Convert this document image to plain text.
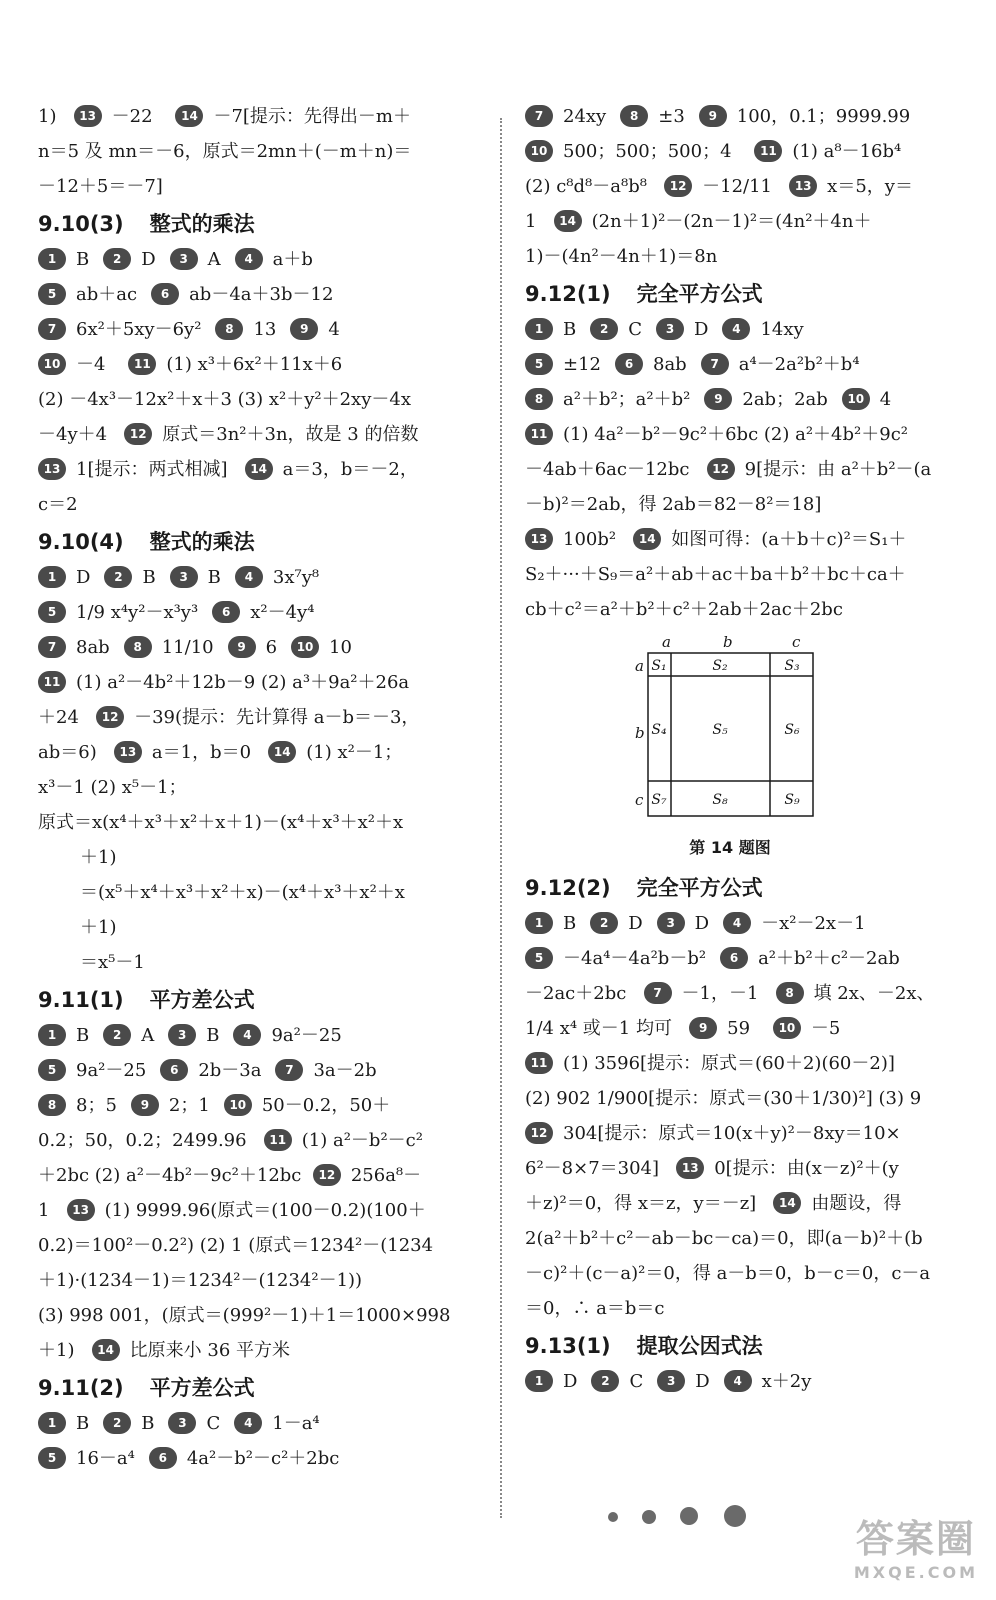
1) 13 －22 14 －7[提示：先得出－m＋
n＝5 及 mn＝－6，原式＝2mn＋(－m＋n)＝
－12＋5＝－7]
9.10(3) 整式的乘法
1 B 2 D 3 A 4 a＋b
5 ab＋ac 6 ab－4a＋3b－12
7 6x²＋5xy－6y² 8 13 9 4
10 －4 11 (1) x³＋6x²＋11x＋6
(2) －4x³－12x²＋x＋3 (3) x²＋y²＋2xy－4x
－4y＋4 12 原式＝3n²＋3n，故是 3 的倍数
13 1[提示：两式相减] 14 a＝3，b＝－2，
c＝2
9.10(4) 整式的乘法
1 D 2 B 3 B 4 3x⁷y⁸
5 1/9 x⁴y²－x³y³ 6 x²－4y⁴
7 8ab 8 11/10 9 6 10 10
11 (1) a²－4b²＋12b－9 (2) a³＋9a²＋26a
＋24 12 －39(提示：先计算得 a－b＝－3，
ab＝6) 13 a＝1，b＝0 14 (1) x²－1；
x³－1 (2) x⁵－1；
原式＝x(x⁴＋x³＋x²＋x＋1)－(x⁴＋x³＋x²＋x
＋1)
＝(x⁵＋x⁴＋x³＋x²＋x)－(x⁴＋x³＋x²＋x
＋1)
＝x⁵－1
9.11(1) 平方差公式
1 B 2 A 3 B 4 9a²－25
5 9a²－25 6 2b－3a 7 3a－2b
8 8；5 9 2；1 10 50－0.2，50＋
0.2；50，0.2；2499.96 11 (1) a²－b²－c²
＋2bc (2) a²－4b²－9c²＋12bc 12 256a⁸－
1 13 (1) 9999.96(原式＝(100－0.2)(100＋
0.2)＝100²－0.2²) (2) 1 (原式＝1234²－(1234
＋1)·(1234－1)＝1234²－(1234²－1))
(3) 998 001，(原式＝(999²－1)＋1＝1000×998
＋1) 14 比原来小 36 平方米
9.11(2) 平方差公式
1 B 2 B 3 C 4 1－a⁴
5 16－a⁴ 6 4a²－b²－c²＋2bc
7 24xy 8 ±3 9 100，0.1；9999.99
10 500；500；500；4 11 (1) a⁸－16b⁴
(2) c⁸d⁸－a⁸b⁸ 12 －12/11 13 x＝5，y＝
1 14 (2n＋1)²－(2n－1)²＝(4n²＋4n＋
1)－(4n²－4n＋1)＝8n
9.12(1) 完全平方公式
1 B 2 C 3 D 4 14xy
5 ±12 6 8ab 7 a⁴－2a²b²＋b⁴
8 a²＋b²；a²＋b² 9 2ab；2ab 10 4
11 (1) 4a²－b²－9c²＋6bc (2) a²＋4b²＋9c²
－4ab＋6ac－12bc 12 9[提示：由 a²＋b²－(a
－b)²＝2ab，得 2ab＝82－8²＝18]
13 100b² 14 如图可得：(a＋b＋c)²＝S₁＋
S₂＋···＋S₉＝a²＋ab＋ac＋ba＋b²＋bc＋ca＋
cb＋c²＝a²＋b²＋c²＋2ab＋2ac＋2bc
a	b	c
a
b
c
S₁	S₂	S₃
S₄	S₅	S₆
S₇	S₈	S₉
第 14 题图
9.12(2) 完全平方公式
1 B 2 D 3 D 4 －x²－2x－1
5 －4a⁴－4a²b－b² 6 a²＋b²＋c²－2ab
－2ac＋2bc 7 －1，－1 8 填 2x、－2x、
1/4 x⁴ 或－1 均可 9 59 10 －5
11 (1) 3596[提示：原式＝(60＋2)(60－2)]
(2) 902 1/900[提示：原式＝(30＋1/30)²] (3) 9
12 304[提示：原式＝10(x＋y)²－8xy＝10×
6²－8×7＝304] 13 0[提示：由(x－z)²＋(y
＋z)²＝0，得 x＝z，y＝－z] 14 由题设，得
2(a²＋b²＋c²－ab－bc－ca)＝0，即(a－b)²＋(b
－c)²＋(c－a)²＝0，得 a－b＝0，b－c＝0，c－a
＝0，∴ a＝b＝c
9.13(1) 提取公因式法
1 D 2 C 3 D 4 x＋2y
答案圈
MXQE.COM
